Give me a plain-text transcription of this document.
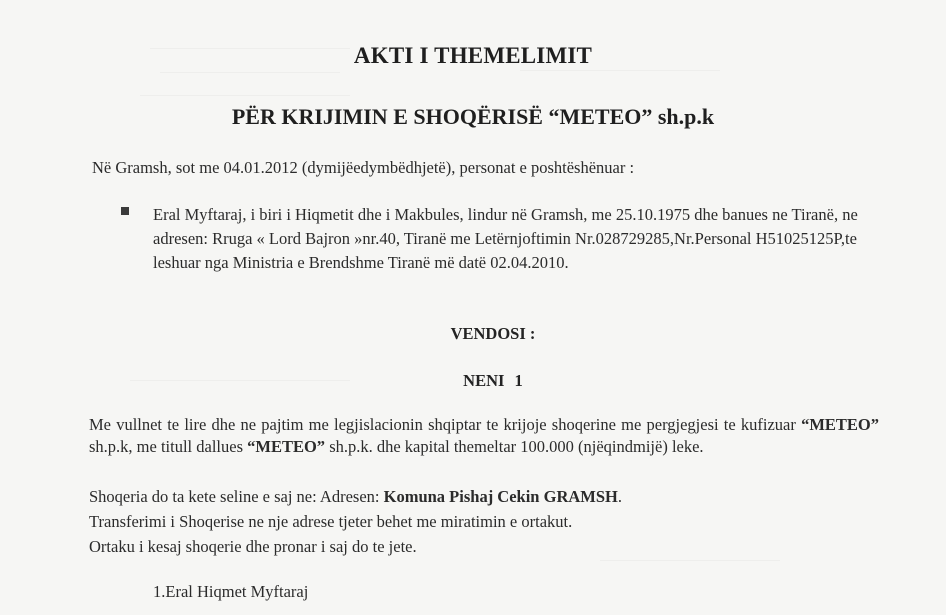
AKTI I THEMELIMIT
PËR KRIJIMIN E SHOQËRISË “METEO” sh.p.k
Në Gramsh, sot me 04.01.2012 (dymijëedymbëdhjetë), personat e poshtëshënuar :
Eral Myftaraj, i biri i Hiqmetit dhe i Makbules, lindur në Gramsh, me 25.10.1975 dhe banues ne Tiranë, ne adresen: Rruga « Lord Bajron »nr.40, Tiranë me Letërnjoftimin Nr.028729285,Nr.Personal H51025125P,te leshuar nga Ministria e Brendshme Tiranë më datë 02.04.2010.
VENDOSI :
NENI 1
Me vullnet te lire dhe ne pajtim me legjislacionin shqiptar te krijoje shoqerine me pergjegjesi te kufizuar “METEO” sh.p.k, me titull dallues “METEO” sh.p.k. dhe kapital themeltar 100.000 (njëqindmijë) leke.
Shoqeria do ta kete seline e saj ne: Adresen: Komuna Pishaj Cekin GRAMSH.
Transferimi i Shoqerise ne nje adrese tjeter behet me miratimin e ortakut.
Ortaku i kesaj shoqerie dhe pronar i saj do te jete.
1.Eral Hiqmet Myftaraj
